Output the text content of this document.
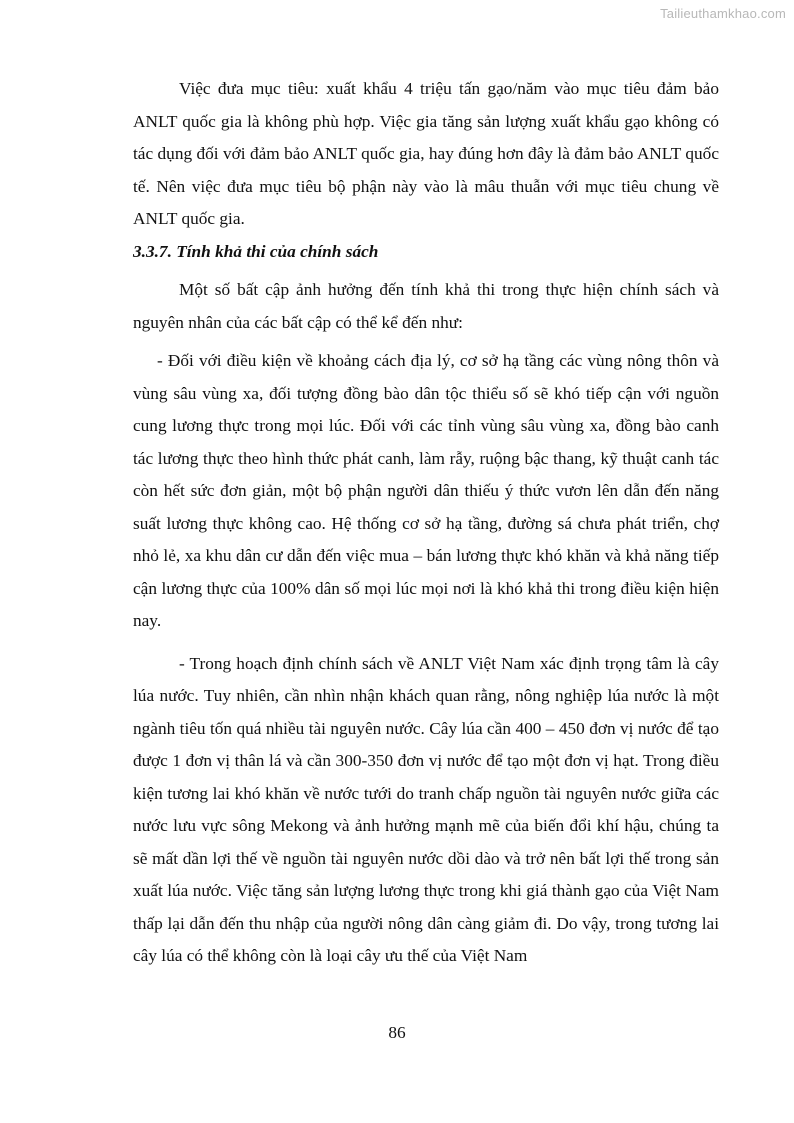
Tailieuthamkhao.com

Việc đưa mục tiêu: xuất khẩu 4 triệu tấn gạo/năm vào mục tiêu đảm bảo ANLT quốc gia là không phù hợp. Việc gia tăng sản lượng xuất khẩu gạo không có tác dụng đối với đảm bảo ANLT quốc gia, hay đúng hơn đây là đảm bảo ANLT quốc tế. Nên việc đưa mục tiêu bộ phận này vào là mâu thuẫn với mục tiêu chung về ANLT quốc gia.

3.3.7. Tính khả thi của chính sách

Một số bất cập ảnh hưởng đến tính khả thi trong thực hiện chính sách và nguyên nhân của các bất cập có thể kể đến như:

- Đối với điều kiện về khoảng cách địa lý, cơ sở hạ tầng các vùng nông thôn và vùng sâu vùng xa, đối tượng đồng bào dân tộc thiểu số sẽ khó tiếp cận với nguồn cung lương thực trong mọi lúc. Đối với các tỉnh vùng sâu vùng xa, đồng bào canh tác lương thực theo hình thức phát canh, làm rẫy, ruộng bậc thang, kỹ thuật canh tác còn hết sức đơn giản, một bộ phận người dân thiếu ý thức vươn lên dẫn đến năng suất lương thực không cao. Hệ thống cơ sở hạ tầng, đường sá chưa phát triển, chợ nhỏ lẻ, xa khu dân cư dẫn đến việc mua – bán lương thực khó khăn và khả năng tiếp cận lương thực của 100% dân số mọi lúc mọi nơi là khó khả thi trong điều kiện hiện nay.

- Trong hoạch định chính sách về ANLT Việt Nam xác định trọng tâm là cây lúa nước. Tuy nhiên, cần nhìn nhận khách quan rằng, nông nghiệp lúa nước là một ngành tiêu tốn quá nhiều tài nguyên nước. Cây lúa cần 400 – 450 đơn vị nước để tạo được 1 đơn vị thân lá và cần 300-350 đơn vị nước để tạo một đơn vị hạt. Trong điều kiện tương lai khó khăn về nước tưới do tranh chấp nguồn tài nguyên nước giữa các nước lưu vực sông Mekong và ảnh hưởng mạnh mẽ của biến đổi khí hậu, chúng ta sẽ mất dần lợi thế về nguồn tài nguyên nước dồi dào và trở nên bất lợi thế trong sản xuất lúa nước. Việc tăng sản lượng lương thực trong khi giá thành gạo của Việt Nam thấp lại dẫn đến thu nhập của người nông dân càng giảm đi. Do vậy, trong tương lai cây lúa có thể không còn là loại cây ưu thế của Việt Nam

86
